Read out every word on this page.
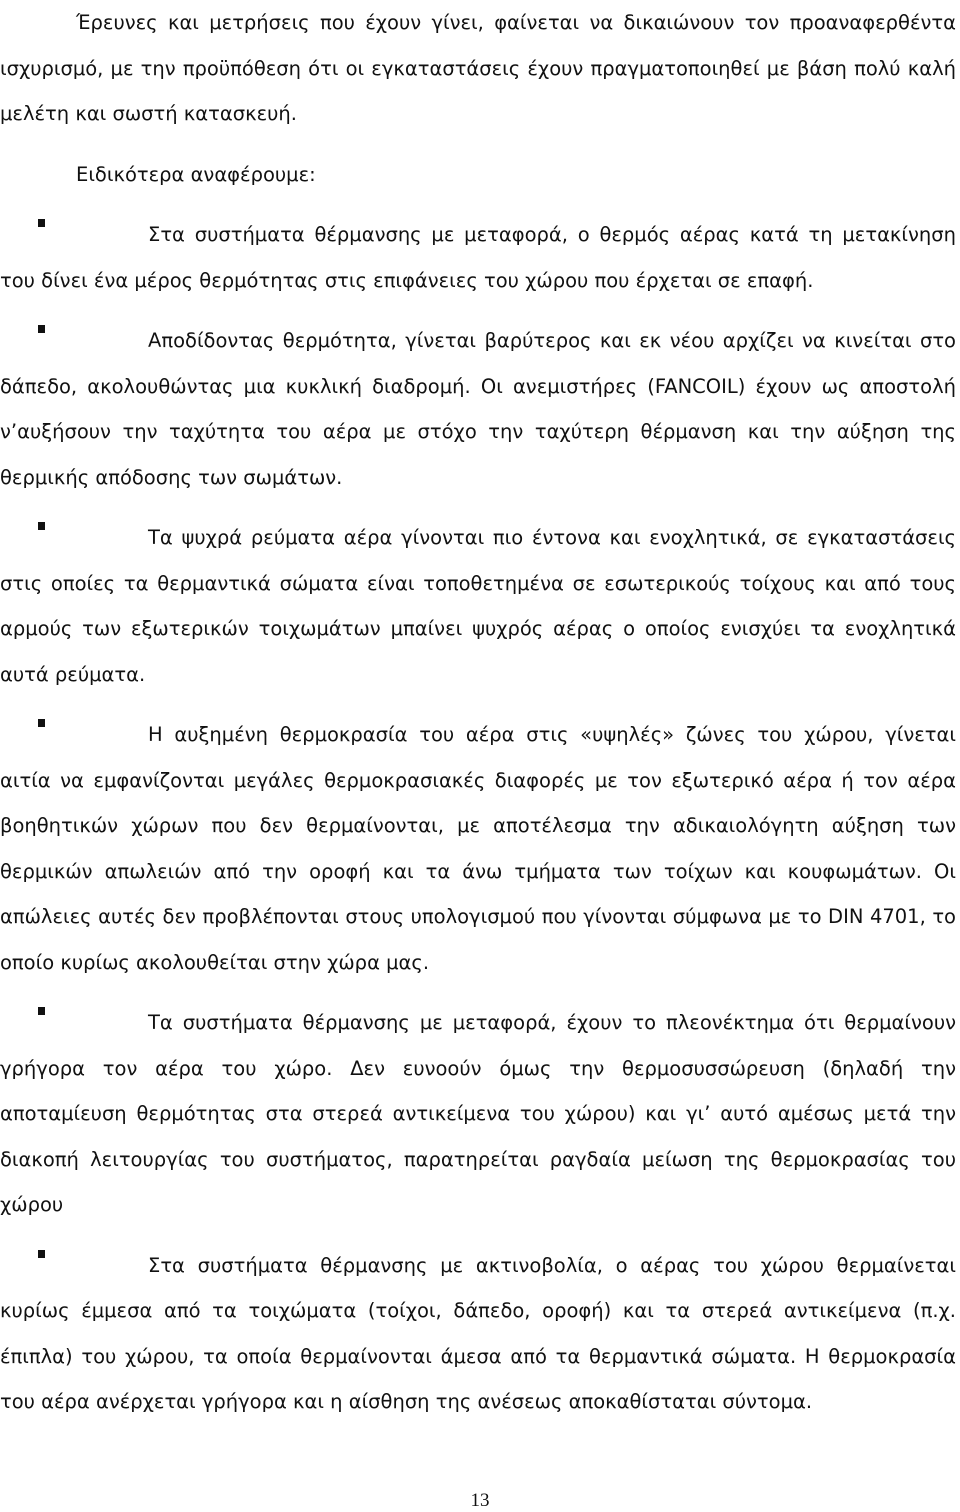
Έρευνες και μετρήσεις που έχουν γίνει, φαίνεται να δικαιώνουν τον προαναφερθέντα ισχυρισμό, με την προϋπόθεση ότι οι εγκαταστάσεις έχουν πραγματοποιηθεί με βάση πολύ καλή μελέτη και σωστή κατασκευή.

Ειδικότερα αναφέρουμε:

Στα συστήματα θέρμανσης με μεταφορά, ο θερμός αέρας κατά τη μετακίνηση του δίνει ένα μέρος θερμότητας στις επιφάνειες του χώρου που έρχεται σε επαφή.

Αποδίδοντας θερμότητα, γίνεται βαρύτερος και εκ νέου αρχίζει να κινείται στο δάπεδο, ακολουθώντας μια κυκλική διαδρομή. Οι ανεμιστήρες (FANCOIL) έχουν ως αποστολή ν’αυξήσουν την ταχύτητα του αέρα με στόχο την ταχύτερη θέρμανση και την αύξηση της θερμικής απόδοσης των σωμάτων.

Τα ψυχρά ρεύματα αέρα γίνονται πιο έντονα και ενοχλητικά, σε εγκαταστάσεις στις οποίες τα θερμαντικά σώματα είναι τοποθετημένα σε εσωτερικούς τοίχους και από τους αρμούς των εξωτερικών τοιχωμάτων μπαίνει ψυχρός αέρας ο οποίος ενισχύει τα ενοχλητικά αυτά ρεύματα.

Η αυξημένη θερμοκρασία του αέρα στις «υψηλές» ζώνες του χώρου, γίνεται αιτία να εμφανίζονται μεγάλες θερμοκρασιακές διαφορές με τον εξωτερικό αέρα ή τον αέρα βοηθητικών χώρων που δεν θερμαίνονται, με αποτέλεσμα την αδικαιολόγητη αύξηση των θερμικών απωλειών από την οροφή και τα άνω τμήματα των τοίχων και κουφωμάτων. Οι απώλειες αυτές δεν προβλέπονται στους υπολογισμού που γίνονται σύμφωνα με το DIN 4701, το οποίο κυρίως ακολουθείται στην χώρα μας.

Τα συστήματα θέρμανσης με μεταφορά, έχουν το πλεονέκτημα ότι θερμαίνουν γρήγορα τον αέρα του χώρο. Δεν ευνοούν όμως την θερμοσυσσώρευση (δηλαδή την αποταμίευση θερμότητας στα στερεά αντικείμενα του χώρου) και γι’ αυτό αμέσως μετά την διακοπή λειτουργίας του συστήματος, παρατηρείται ραγδαία μείωση της θερμοκρασίας του χώρου

Στα συστήματα θέρμανσης με ακτινοβολία, ο αέρας του χώρου θερμαίνεται κυρίως έμμεσα από τα τοιχώματα (τοίχοι, δάπεδο, οροφή) και τα στερεά αντικείμενα (π.χ. έπιπλα) του χώρου, τα οποία θερμαίνονται άμεσα από τα θερμαντικά σώματα. Η θερμοκρασία του αέρα ανέρχεται γρήγορα και η αίσθηση της ανέσεως αποκαθίσταται σύντομα.

13
